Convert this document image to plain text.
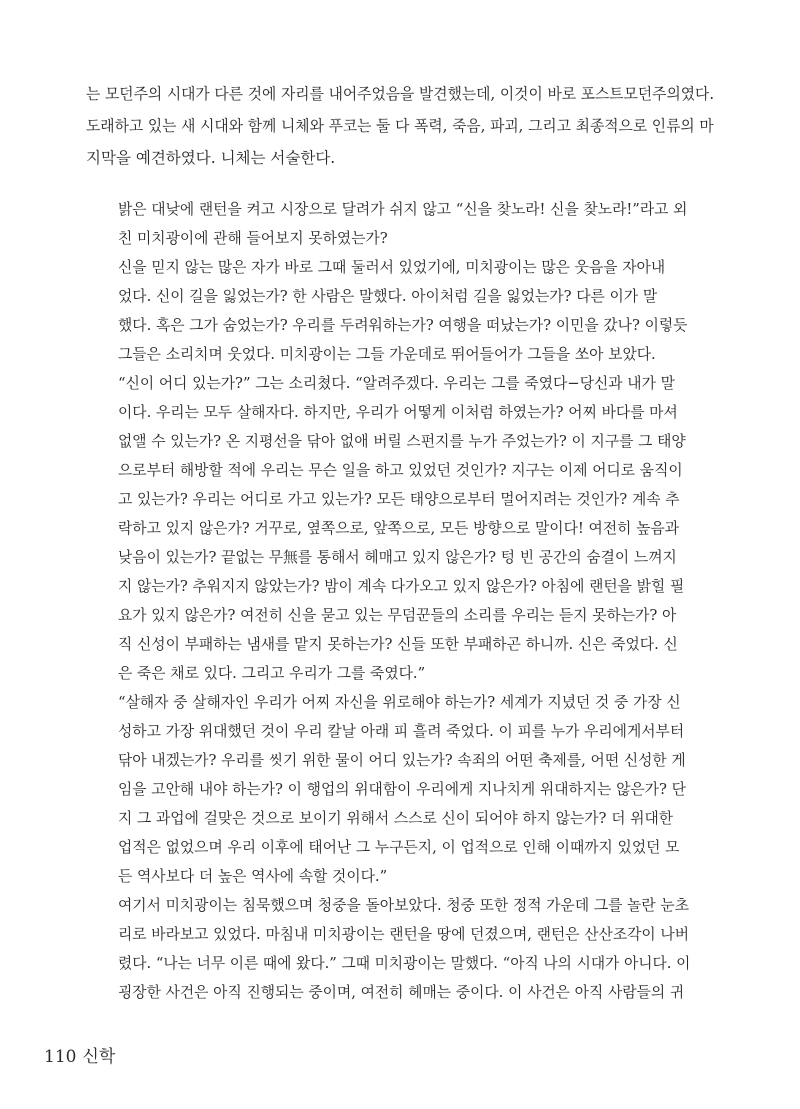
는 모던주의 시대가 다른 것에 자리를 내어주었음을 발견했는데, 이것이 바로 포스트모던주의였다.
도래하고 있는 새 시대와 함께 니체와 푸코는 둘 다 폭력, 죽음, 파괴, 그리고 최종적으로 인류의 마
지막을 예견하였다. 니체는 서술한다.
밝은 대낮에 랜턴을 켜고 시장으로 달려가 쉬지 않고 “신을 찾노라! 신을 찾노라!”라고 외
친 미치광이에 관해 들어보지 못하였는가?
신을 믿지 않는 많은 자가 바로 그때 둘러서 있었기에, 미치광이는 많은 웃음을 자아내
었다. 신이 길을 잃었는가? 한 사람은 말했다. 아이처럼 길을 잃었는가? 다른 이가 말
했다. 혹은 그가 숨었는가? 우리를 두려워하는가? 여행을 떠났는가? 이민을 갔나? 이렇듯
그들은 소리치며 웃었다. 미치광이는 그들 가운데로 뛰어들어가 그들을 쏘아 보았다.
“신이 어디 있는가?” 그는 소리쳤다. “알려주겠다. 우리는 그를 죽였다−당신과 내가 말
이다. 우리는 모두 살해자다. 하지만, 우리가 어떻게 이처럼 하였는가? 어찌 바다를 마셔
없앨 수 있는가? 온 지평선을 닦아 없애 버릴 스펀지를 누가 주었는가? 이 지구를 그 태양
으로부터 해방할 적에 우리는 무슨 일을 하고 있었던 것인가? 지구는 이제 어디로 움직이
고 있는가? 우리는 어디로 가고 있는가? 모든 태양으로부터 멀어지려는 것인가? 계속 추
락하고 있지 않은가? 거꾸로, 옆쪽으로, 앞쪽으로, 모든 방향으로 말이다! 여전히 높음과
낮음이 있는가? 끝없는 무無를 통해서 헤매고 있지 않은가? 텅 빈 공간의 숨결이 느껴지
지 않는가? 추워지지 않았는가? 밤이 계속 다가오고 있지 않은가? 아침에 랜턴을 밝힐 필
요가 있지 않은가? 여전히 신을 묻고 있는 무덤꾼들의 소리를 우리는 듣지 못하는가? 아
직 신성이 부패하는 냄새를 맡지 못하는가? 신들 또한 부패하곤 하니까. 신은 죽었다. 신
은 죽은 채로 있다. 그리고 우리가 그를 죽였다.”
“살해자 중 살해자인 우리가 어찌 자신을 위로해야 하는가? 세계가 지녔던 것 중 가장 신
성하고 가장 위대했던 것이 우리 칼날 아래 피 흘려 죽었다. 이 피를 누가 우리에게서부터
닦아 내겠는가? 우리를 씻기 위한 물이 어디 있는가? 속죄의 어떤 축제를, 어떤 신성한 게
임을 고안해 내야 하는가? 이 행업의 위대함이 우리에게 지나치게 위대하지는 않은가? 단
지 그 과업에 걸맞은 것으로 보이기 위해서 스스로 신이 되어야 하지 않는가? 더 위대한
업적은 없었으며 우리 이후에 태어난 그 누구든지, 이 업적으로 인해 이때까지 있었던 모
든 역사보다 더 높은 역사에 속할 것이다.”
여기서 미치광이는 침묵했으며 청중을 돌아보았다. 청중 또한 정적 가운데 그를 놀란 눈초
리로 바라보고 있었다. 마침내 미치광이는 랜턴을 땅에 던졌으며, 랜턴은 산산조각이 나버
렸다. “나는 너무 이른 때에 왔다.” 그때 미치광이는 말했다. “아직 나의 시대가 아니다. 이
굉장한 사건은 아직 진행되는 중이며, 여전히 헤매는 중이다. 이 사건은 아직 사람들의 귀
110 신학
